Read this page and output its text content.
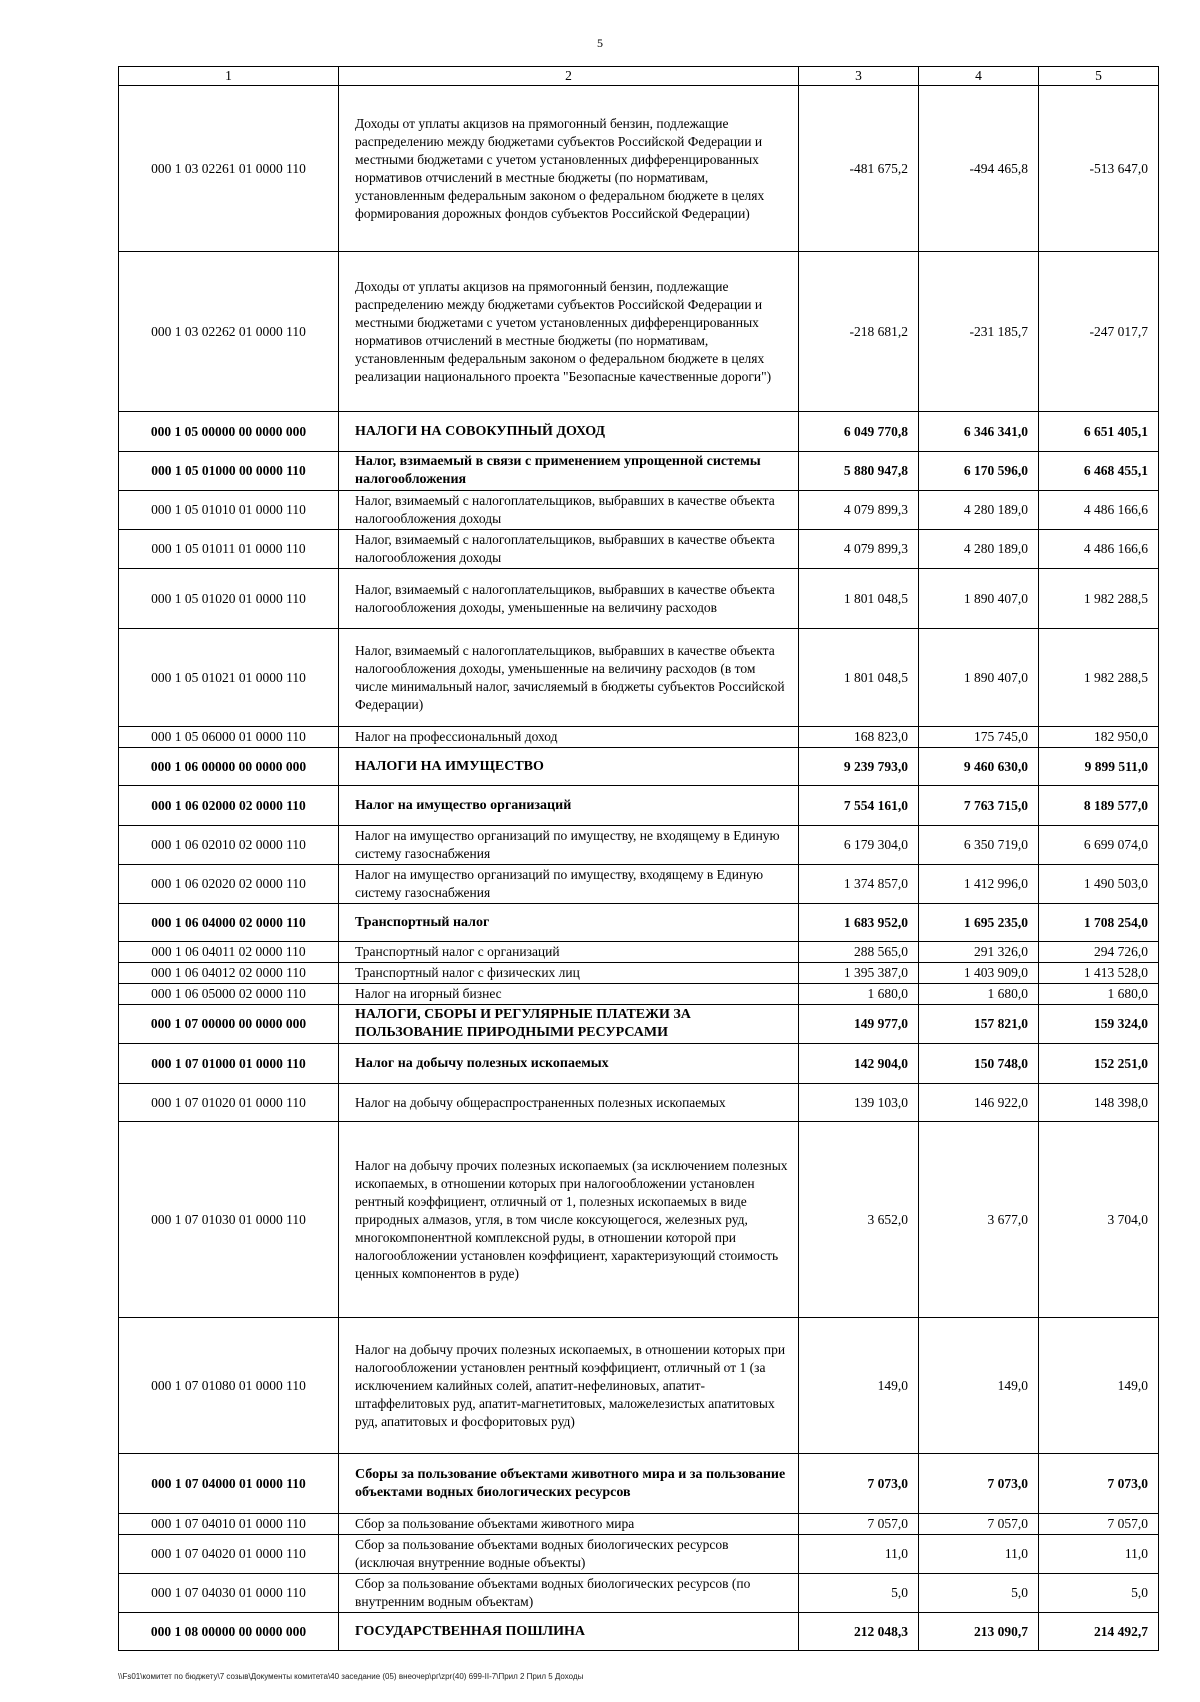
5
1	2	3	4	5
000 1 03 02261 01 0000 110	Доходы от уплаты акцизов на прямогонный бензин, подлежащие распределению между бюджетами субъектов Российской Федерации и местными бюджетами с учетом установленных дифференцированных нормативов отчислений в местные бюджеты (по нормативам, установленным федеральным законом о федеральном бюджете в целях формирования дорожных фондов субъектов Российской Федерации)	-481 675,2	-494 465,8	-513 647,0
000 1 03 02262 01 0000 110	Доходы от уплаты акцизов на прямогонный бензин, подлежащие распределению между бюджетами субъектов Российской Федерации и местными бюджетами с учетом установленных дифференцированных нормативов отчислений в местные бюджеты (по нормативам, установленным федеральным законом о федеральном бюджете в целях реализации национального проекта "Безопасные качественные дороги")	-218 681,2	-231 185,7	-247 017,7
000 1 05 00000 00 0000 000	НАЛОГИ НА СОВОКУПНЫЙ ДОХОД	6 049 770,8	6 346 341,0	6 651 405,1
000 1 05 01000 00 0000 110	Налог, взимаемый в связи с применением упрощенной системы налогообложения	5 880 947,8	6 170 596,0	6 468 455,1
000 1 05 01010 01 0000 110	Налог, взимаемый с налогоплательщиков, выбравших в качестве объекта налогообложения доходы	4 079 899,3	4 280 189,0	4 486 166,6
000 1 05 01011 01 0000 110	Налог, взимаемый с налогоплательщиков, выбравших в качестве объекта налогообложения доходы	4 079 899,3	4 280 189,0	4 486 166,6
000 1 05 01020 01 0000 110	Налог, взимаемый с налогоплательщиков, выбравших в качестве объекта налогообложения доходы, уменьшенные на величину расходов	1 801 048,5	1 890 407,0	1 982 288,5
000 1 05 01021 01 0000 110	Налог, взимаемый с налогоплательщиков, выбравших в качестве объекта налогообложения доходы, уменьшенные на величину расходов (в том числе минимальный налог, зачисляемый в бюджеты субъектов Российской Федерации)	1 801 048,5	1 890 407,0	1 982 288,5
000 1 05 06000 01 0000 110	Налог на профессиональный доход	168 823,0	175 745,0	182 950,0
000 1 06 00000 00 0000 000	НАЛОГИ НА ИМУЩЕСТВО	9 239 793,0	9 460 630,0	9 899 511,0
000 1 06 02000 02 0000 110	Налог на имущество организаций	7 554 161,0	7 763 715,0	8 189 577,0
000 1 06 02010 02 0000 110	Налог на имущество организаций по имуществу, не входящему в Единую систему газоснабжения	6 179 304,0	6 350 719,0	6 699 074,0
000 1 06 02020 02 0000 110	Налог на имущество организаций по имуществу, входящему в Единую систему газоснабжения	1 374 857,0	1 412 996,0	1 490 503,0
000 1 06 04000 02 0000 110	Транспортный налог	1 683 952,0	1 695 235,0	1 708 254,0
000 1 06 04011 02 0000 110	Транспортный налог с организаций	288 565,0	291 326,0	294 726,0
000 1 06 04012 02 0000 110	Транспортный налог с физических лиц	1 395 387,0	1 403 909,0	1 413 528,0
000 1 06 05000 02 0000 110	Налог на игорный бизнес	1 680,0	1 680,0	1 680,0
000 1 07 00000 00 0000 000	НАЛОГИ, СБОРЫ И РЕГУЛЯРНЫЕ ПЛАТЕЖИ ЗА ПОЛЬЗОВАНИЕ ПРИРОДНЫМИ РЕСУРСАМИ	149 977,0	157 821,0	159 324,0
000 1 07 01000 01 0000 110	Налог на добычу полезных ископаемых	142 904,0	150 748,0	152 251,0
000 1 07 01020 01 0000 110	Налог на добычу общераспространенных полезных ископаемых	139 103,0	146 922,0	148 398,0
000 1 07 01030 01 0000 110	Налог на добычу прочих полезных ископаемых (за исключением полезных ископаемых, в отношении которых при налогообложении установлен рентный коэффициент, отличный от 1, полезных ископаемых в виде природных алмазов, угля, в том числе коксующегося, железных руд, многокомпонентной комплексной руды, в отношении которой при налогообложении установлен коэффициент, характеризующий стоимость ценных компонентов в руде)	3 652,0	3 677,0	3 704,0
000 1 07 01080 01 0000 110	Налог на добычу прочих полезных ископаемых, в отношении которых при налогообложении установлен рентный коэффициент, отличный от 1 (за исключением калийных солей, апатит-нефелиновых, апатит-штаффелитовых руд, апатит-магнетитовых, маложелезистых апатитовых руд, апатитовых и фосфоритовых руд)	149,0	149,0	149,0
000 1 07 04000 01 0000 110	Сборы за пользование объектами животного мира и за пользование объектами водных биологических ресурсов	7 073,0	7 073,0	7 073,0
000 1 07 04010 01 0000 110	Сбор за пользование объектами животного мира	7 057,0	7 057,0	7 057,0
000 1 07 04020 01 0000 110	Сбор за пользование объектами водных биологических ресурсов (исключая внутренние водные объекты)	11,0	11,0	11,0
000 1 07 04030 01 0000 110	Сбор за пользование объектами водных биологических ресурсов (по внутренним водным объектам)	5,0	5,0	5,0
000 1 08 00000 00 0000 000	ГОСУДАРСТВЕННАЯ ПОШЛИНА	212 048,3	213 090,7	214 492,7
\\Fs01\комитет по бюджету\7 созыв\Документы комитета\40 заседание (05) внеочер\рг\zрr(40) 699-II-7\Прил 2 Прил 5 Доходы
